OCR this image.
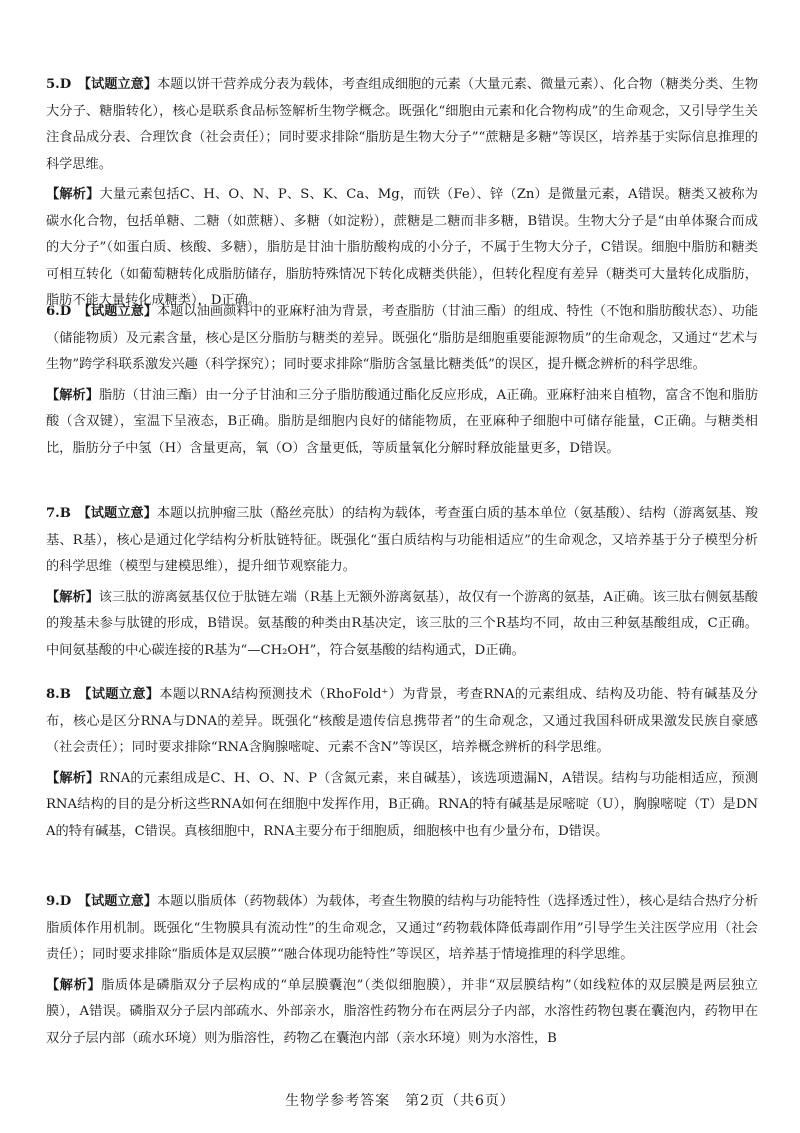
5.D　 【试题立意】本题以饼干营养成分表为载体，考查组成细胞的元素（大量元素、微量元素）、化合物（糖类分类、生物大分子、糖脂转化），核心是联系食品标签解析生物学概念。既强化“细胞由元素和化合物构成”的生命观念，又引导学生关注食品成分表、合理饮食（社会责任）；同时要求排除“脂肪是生物大分子”“蔗糖是多糖”等误区，培养基于实际信息推理的科学思维。

【解析】大量元素包括C、H、O、N、P、S、K、Ca、Mg，而铁（Fe）、锌（Zn）是微量元素，A错误。糖类又被称为碳水化合物，包括单糖、二糖（如蔗糖）、多糖（如淀粉），蔗糖是二糖而非多糖，B错误。生物大分子是“由单体聚合而成的大分子”（如蛋白质、核酸、多糖），脂肪是甘油十脂肪酸构成的小分子，不属于生物大分子，C错误。细胞中脂肪和糖类可相互转化（如葡萄糖转化成脂肪储存，脂肪特殊情况下转化成糖类供能），但转化程度有差异（糖类可大量转化成脂肪，脂肪不能大量转化成糖类），D正确。

6.D　 【试题立意】本题以油画颜料中的亚麻籽油为背景，考查脂肪（甘油三酯）的组成、特性（不饱和脂肪酸状态）、功能（储能物质）及元素含量，核心是区分脂肪与糖类的差异。既强化“脂肪是细胞重要能源物质”的生命观念，又通过“艺术与生物”跨学科联系激发兴趣（科学探究）；同时要求排除“脂肪含氢量比糖类低”的误区，提升概念辨析的科学思维。

【解析】脂肪（甘油三酯）由一分子甘油和三分子脂肪酸通过酯化反应形成，A正确。亚麻籽油来自植物，富含不饱和脂肪酸（含双键），室温下呈液态，B正确。脂肪是细胞内良好的储能物质，在亚麻种子细胞中可储存能量，C正确。与糖类相比，脂肪分子中氢（H）含量更高，氧（O）含量更低，等质量氧化分解时释放能量更多，D错误。

7.B　 【试题立意】本题以抗肿瘤三肽（酪丝亮肽）的结构为载体，考查蛋白质的基本单位（氨基酸）、结构（游离氨基、羧基、R基），核心是通过化学结构分析肽链特征。既强化“蛋白质结构与功能相适应”的生命观念，又培养基于分子模型分析的科学思维（模型与建模思维），提升细节观察能力。

【解析】该三肽的游离氨基仅位于肽链左端（R基上无额外游离氨基），故仅有一个游离的氨基，A正确。该三肽右侧氨基酸的羧基未参与肽键的形成，B错误。氨基酸的种类由R基决定，该三肽的三个R基均不同，故由三种氨基酸组成，C正确。中间氨基酸的中心碳连接的R基为“—CH₂OH”，符合氨基酸的结构通式，D正确。

8.B　 【试题立意】本题以RNA结构预测技术（RhoFold⁺）为背景，考查RNA的元素组成、结构及功能、特有碱基及分布，核心是区分RNA与DNA的差异。既强化“核酸是遗传信息携带者”的生命观念，又通过我国科研成果激发民族自豪感（社会责任）；同时要求排除“RNA含胸腺嘧啶、元素不含N”等误区，培养概念辨析的科学思维。

【解析】RNA的元素组成是C、H、O、N、P（含氮元素，来自碱基），该选项遗漏N，A错误。结构与功能相适应，预测RNA结构的目的是分析这些RNA如何在细胞中发挥作用，B正确。RNA的特有碱基是尿嘧啶（U），胸腺嘧啶（T）是DNA的特有碱基，C错误。真核细胞中，RNA主要分布于细胞质，细胞核中也有少量分布，D错误。

9.D　 【试题立意】本题以脂质体（药物载体）为载体，考查生物膜的结构与功能特性（选择透过性），核心是结合热疗分析脂质体作用机制。既强化“生物膜具有流动性”的生命观念，又通过“药物载体降低毒副作用”引导学生关注医学应用（社会责任）；同时要求排除“脂质体是双层膜”“融合体现功能特性”等误区，培养基于情境推理的科学思维。

【解析】脂质体是磷脂双分子层构成的“单层膜囊泡”（类似细胞膜），并非“双层膜结构”（如线粒体的双层膜是两层独立膜），A错误。磷脂双分子层内部疏水、外部亲水，脂溶性药物分布在两层分子内部，水溶性药物包裹在囊泡内，药物甲在双分子层内部（疏水环境）则为脂溶性，药物乙在囊泡内部（亲水环境）则为水溶性，B

生物学参考答案　第2页（共6页）
